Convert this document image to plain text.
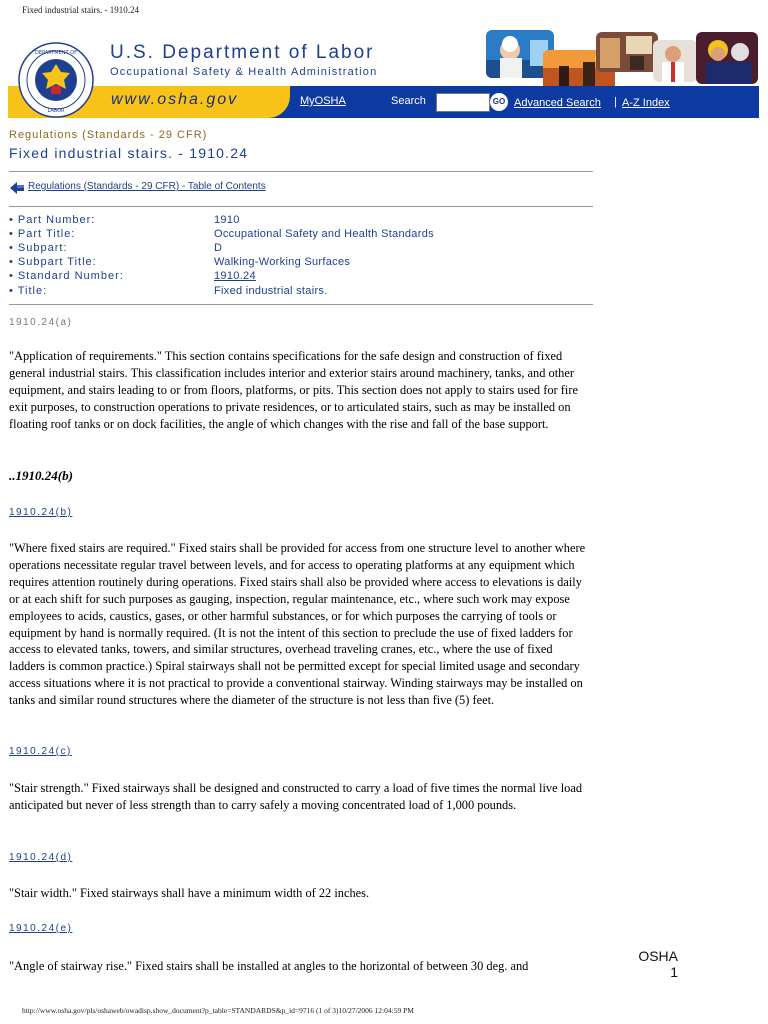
Fixed industrial stairs. - 1910.24
DEPARTMENT OF
LABOR
U.S. Department of Labor
Occupational Safety & Health Administration
www.osha.gov	MyOSHA	Search	GO Advanced Search | A-Z Index
Regulations (Standards - 29 CFR)
Fixed industrial stairs. - 1910.24
Regulations (Standards - 29 CFR) - Table of Contents
• Part Number:	1910
• Part Title:	Occupational Safety and Health Standards
• Subpart:	D
• Subpart Title:	Walking-Working Surfaces
• Standard Number:	1910.24
• Title:	Fixed industrial stairs.
1910.24(a)
"Application of requirements." This section contains specifications for the safe design and construction of fixed general industrial stairs. This classification includes interior and exterior stairs around machinery, tanks, and other equipment, and stairs leading to or from floors, platforms, or pits. This section does not apply to stairs used for fire exit purposes, to construction operations to private residences, or to articulated stairs, such as may be installed on floating roof tanks or on dock facilities, the angle of which changes with the rise and fall of the base support.
..1910.24(b)
1910.24(b)
"Where fixed stairs are required." Fixed stairs shall be provided for access from one structure level to another where operations necessitate regular travel between levels, and for access to operating platforms at any equipment which requires attention routinely during operations. Fixed stairs shall also be provided where access to elevations is daily or at each shift for such purposes as gauging, inspection, regular maintenance, etc., where such work may expose employees to acids, caustics, gases, or other harmful substances, or for which purposes the carrying of tools or equipment by hand is normally required. (It is not the intent of this section to preclude the use of fixed ladders for access to elevated tanks, towers, and similar structures, overhead traveling cranes, etc., where the use of fixed ladders is common practice.) Spiral stairways shall not be permitted except for special limited usage and secondary access situations where it is not practical to provide a conventional stairway. Winding stairways may be installed on tanks and similar round structures where the diameter of the structure is not less than five (5) feet.
1910.24(c)
"Stair strength." Fixed stairways shall be designed and constructed to carry a load of five times the normal live load anticipated but never of less strength than to carry safely a moving concentrated load of 1,000 pounds.
1910.24(d)
"Stair width." Fixed stairways shall have a minimum width of 22 inches.
1910.24(e)
"Angle of stairway rise." Fixed stairs shall be installed at angles to the horizontal of between 30 deg. and
OSHA
1
http://www.osha.gov/pls/oshaweb/owadisp.show_document?p_table=STANDARDS&p_id=9716 (1 of 3)10/27/2006 12:04:59 PM
